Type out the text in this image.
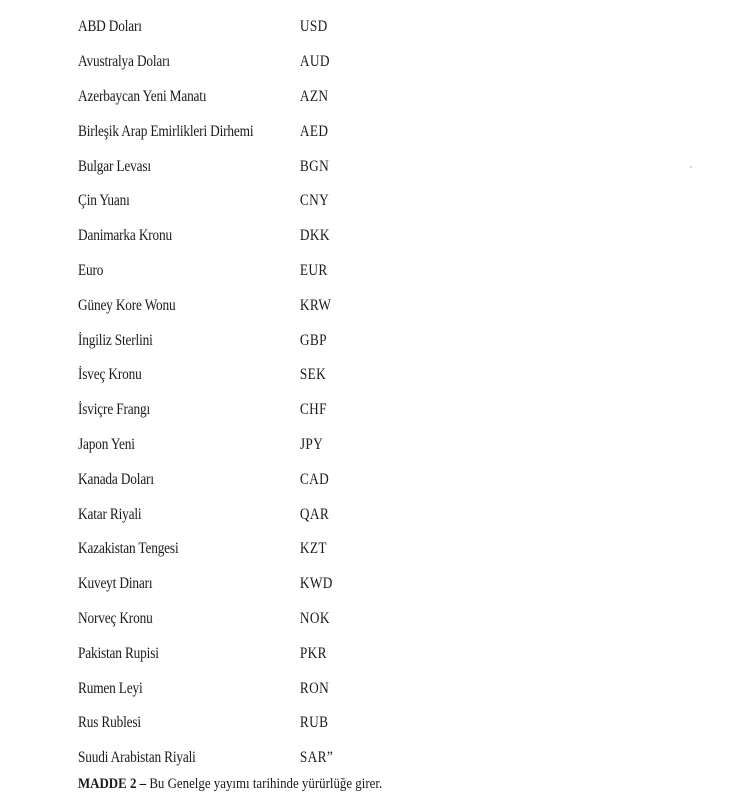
ABD Doları	USD
Avustralya Doları	AUD
Azerbaycan Yeni Manatı	AZN
Birleşik Arap Emirlikleri Dirhemi	AED
Bulgar Levası	BGN
Çin Yuanı	CNY
Danimarka Kronu	DKK
Euro	EUR
Güney Kore Wonu	KRW
İngiliz Sterlini	GBP
İsveç Kronu	SEK
İsviçre Frangı	CHF
Japon Yeni	JPY
Kanada Doları	CAD
Katar Riyali	QAR
Kazakistan Tengesi	KZT
Kuveyt Dinarı	KWD
Norveç Kronu	NOK
Pakistan Rupisi	PKR
Rumen Leyi	RON
Rus Rublesi	RUB
Suudi Arabistan Riyali	SAR”
MADDE 2 – Bu Genelge yayımı tarihinde yürürlüğe girer.
